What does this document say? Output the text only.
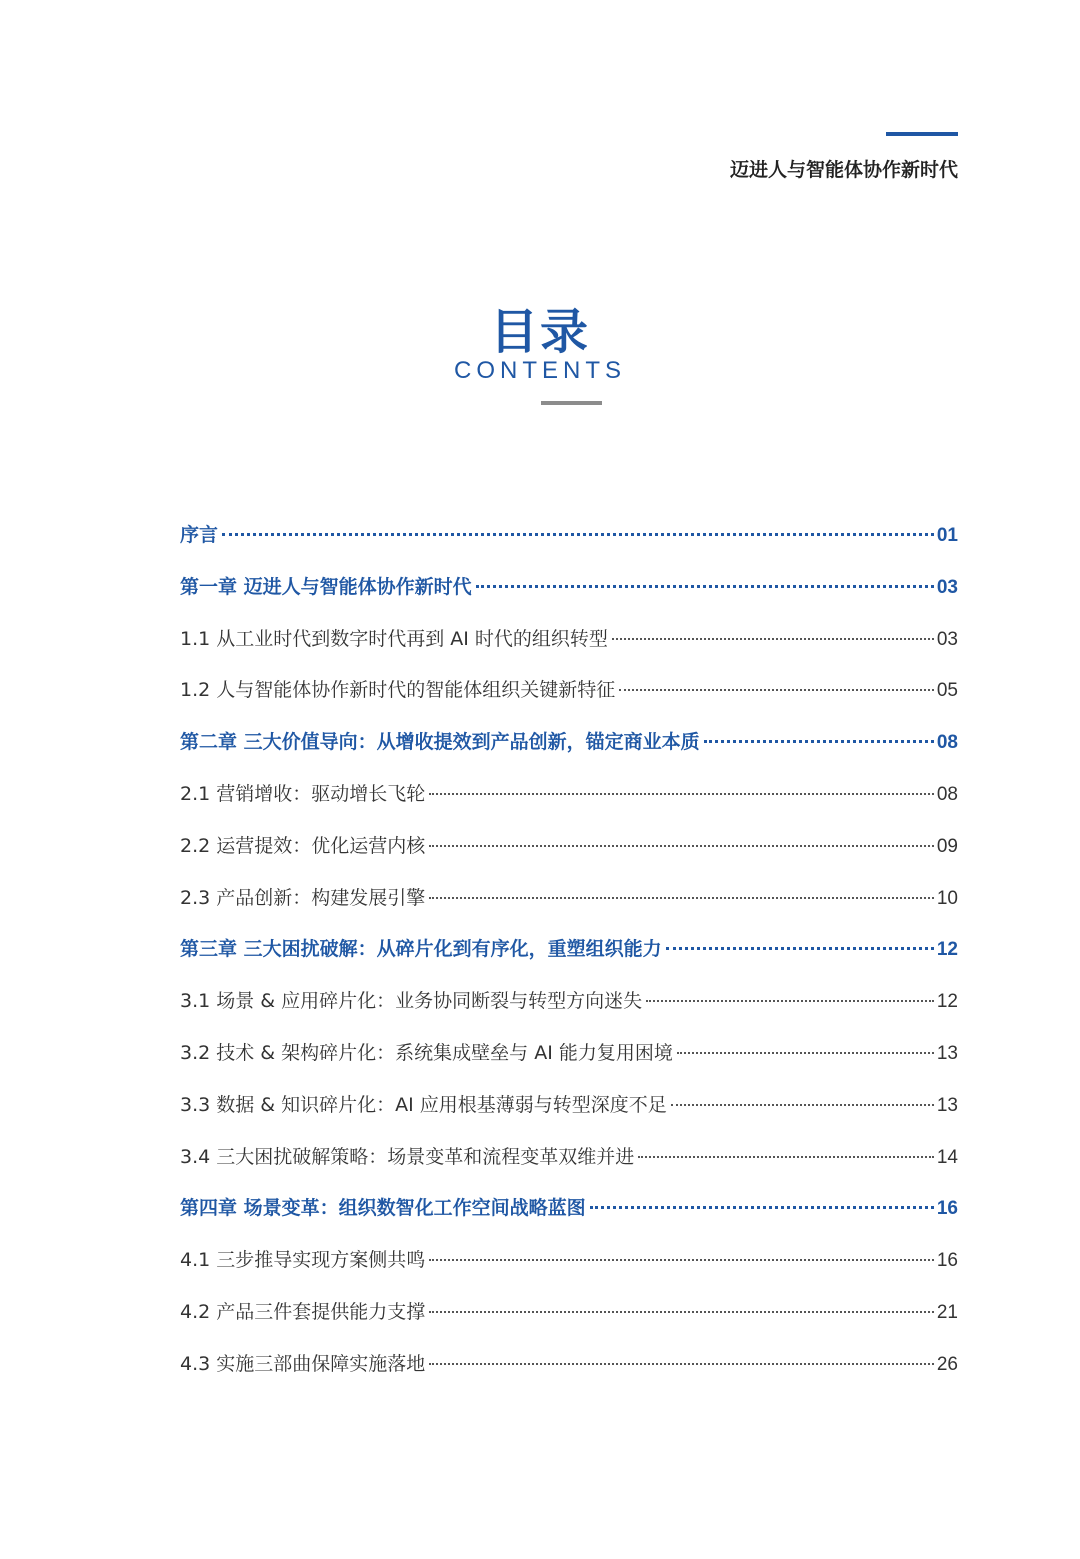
迈进人与智能体协作新时代
目录
CONTENTS
序言	01
第一章 迈进人与智能体协作新时代	03
1.1 从工业时代到数字时代再到 AI 时代的组织转型	03
1.2 人与智能体协作新时代的智能体组织关键新特征	05
第二章 三大价值导向：从增收提效到产品创新，锚定商业本质	08
2.1 营销增收：驱动增长飞轮	08
2.2 运营提效：优化运营内核	09
2.3 产品创新：构建发展引擎	10
第三章 三大困扰破解：从碎片化到有序化，重塑组织能力	12
3.1 场景 & 应用碎片化：业务协同断裂与转型方向迷失	12
3.2 技术 & 架构碎片化：系统集成壁垒与 AI 能力复用困境	13
3.3 数据 & 知识碎片化：AI 应用根基薄弱与转型深度不足	13
3.4 三大困扰破解策略：场景变革和流程变革双维并进	14
第四章 场景变革：组织数智化工作空间战略蓝图	16
4.1 三步推导实现方案侧共鸣	16
4.2 产品三件套提供能力支撑	21
4.3 实施三部曲保障实施落地	26
